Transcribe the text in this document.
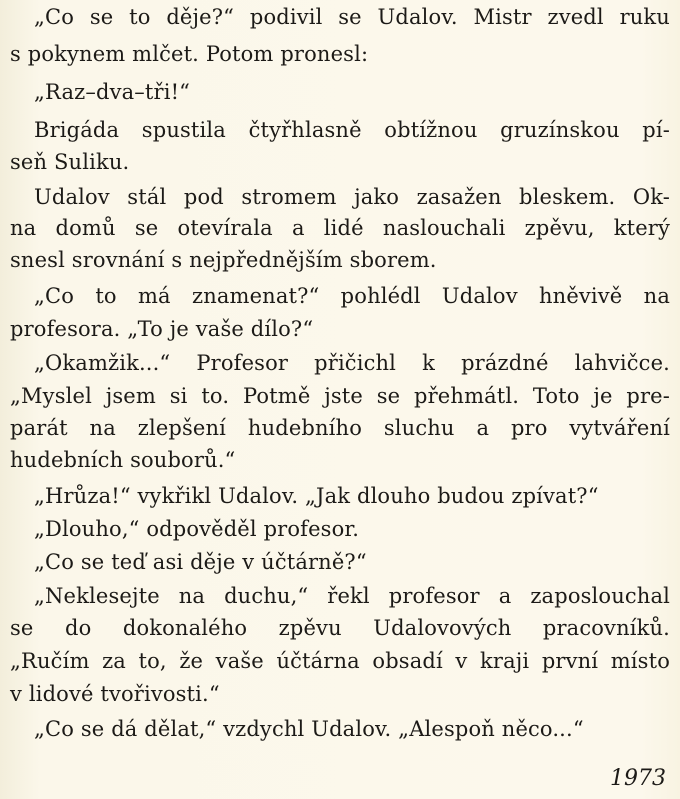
„Co se to děje?“ podivil se Udalov. Mistr zvedl ruku
s pokynem mlčet. Potom pronesl:
„Raz–dva–tři!“
Brigáda spustila čtyřhlasně obtížnou gruzínskou pí-
seň Suliku.
Udalov stál pod stromem jako zasažen bleskem. Ok-
na domů se otevírala a lidé naslouchali zpěvu, který
snesl srovnání s nejpřednějším sborem.
„Co to má znamenat?“ pohlédl Udalov hněvivě na
profesora. „To je vaše dílo?“
„Okamžik...“ Profesor přičichl k prázdné lahvičce.
„Myslel jsem si to. Potmě jste se přehmátl. Toto je pre-
parát na zlepšení hudebního sluchu a pro vytváření
hudebních souborů.“
„Hrůza!“ vykřikl Udalov. „Jak dlouho budou zpívat?“
„Dlouho,“ odpověděl profesor.
„Co se teď asi děje v účtárně?“
„Neklesejte na duchu,“ řekl profesor a zaposlouchal
se do dokonalého zpěvu Udalovových pracovníků.
„Ručím za to, že vaše účtárna obsadí v kraji první místo
v lidové tvořivosti.“
„Co se dá dělat,“ vzdychl Udalov. „Alespoň něco...“
1973
